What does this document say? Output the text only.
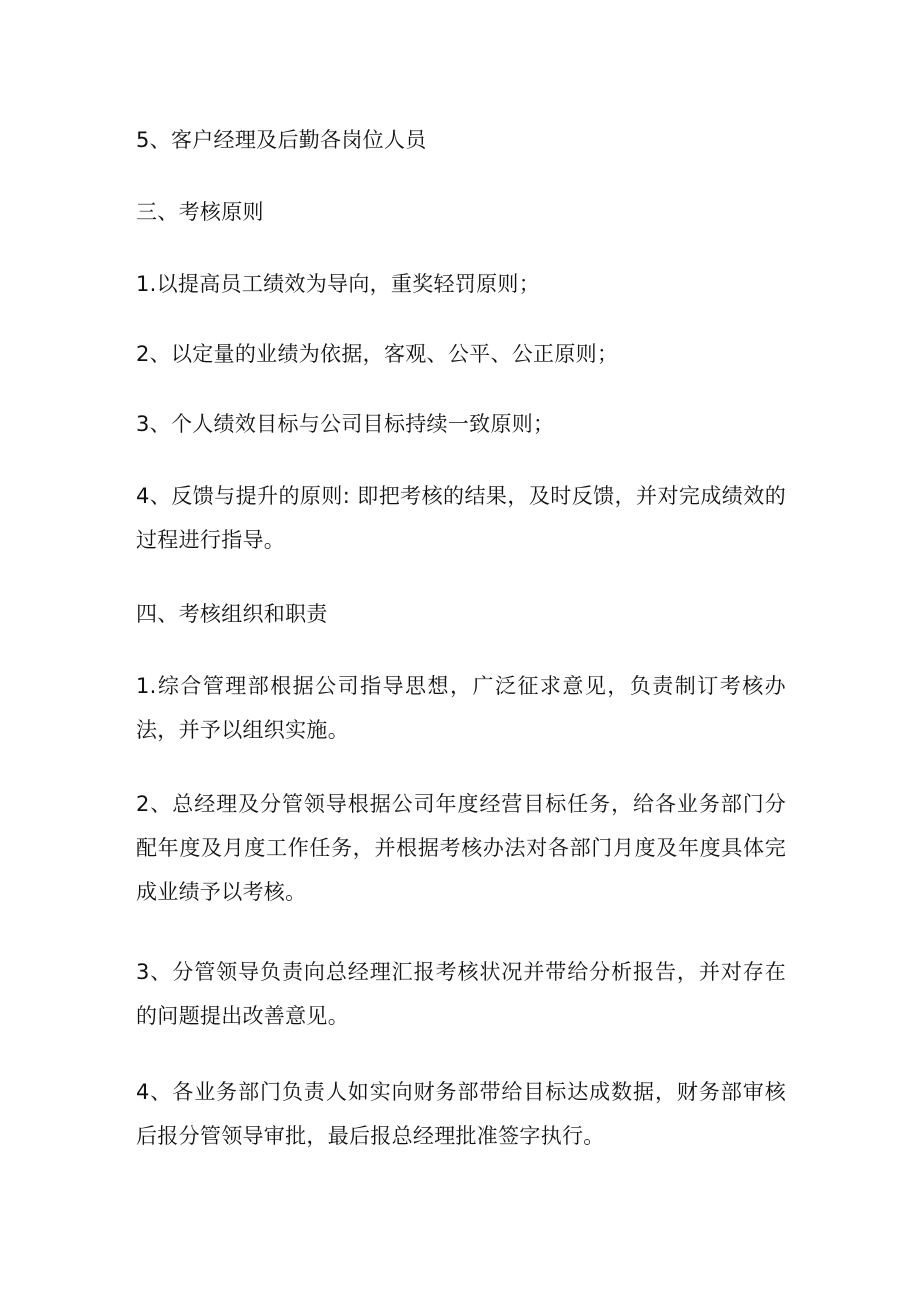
5、客户经理及后勤各岗位人员

三、考核原则

1.以提高员工绩效为导向，重奖轻罚原则；

2、以定量的业绩为依据，客观、公平、公正原则；

3、个人绩效目标与公司目标持续一致原则；

4、反馈与提升的原则: 即把考核的结果，及时反馈，并对完成绩效的过程进行指导。

四、考核组织和职责

1.综合管理部根据公司指导思想，广泛征求意见，负责制订考核办法，并予以组织实施。

2、总经理及分管领导根据公司年度经营目标任务，给各业务部门分配年度及月度工作任务，并根据考核办法对各部门月度及年度具体完成业绩予以考核。

3、分管领导负责向总经理汇报考核状况并带给分析报告，并对存在的问题提出改善意见。

4、各业务部门负责人如实向财务部带给目标达成数据，财务部审核后报分管领导审批，最后报总经理批准签字执行。
